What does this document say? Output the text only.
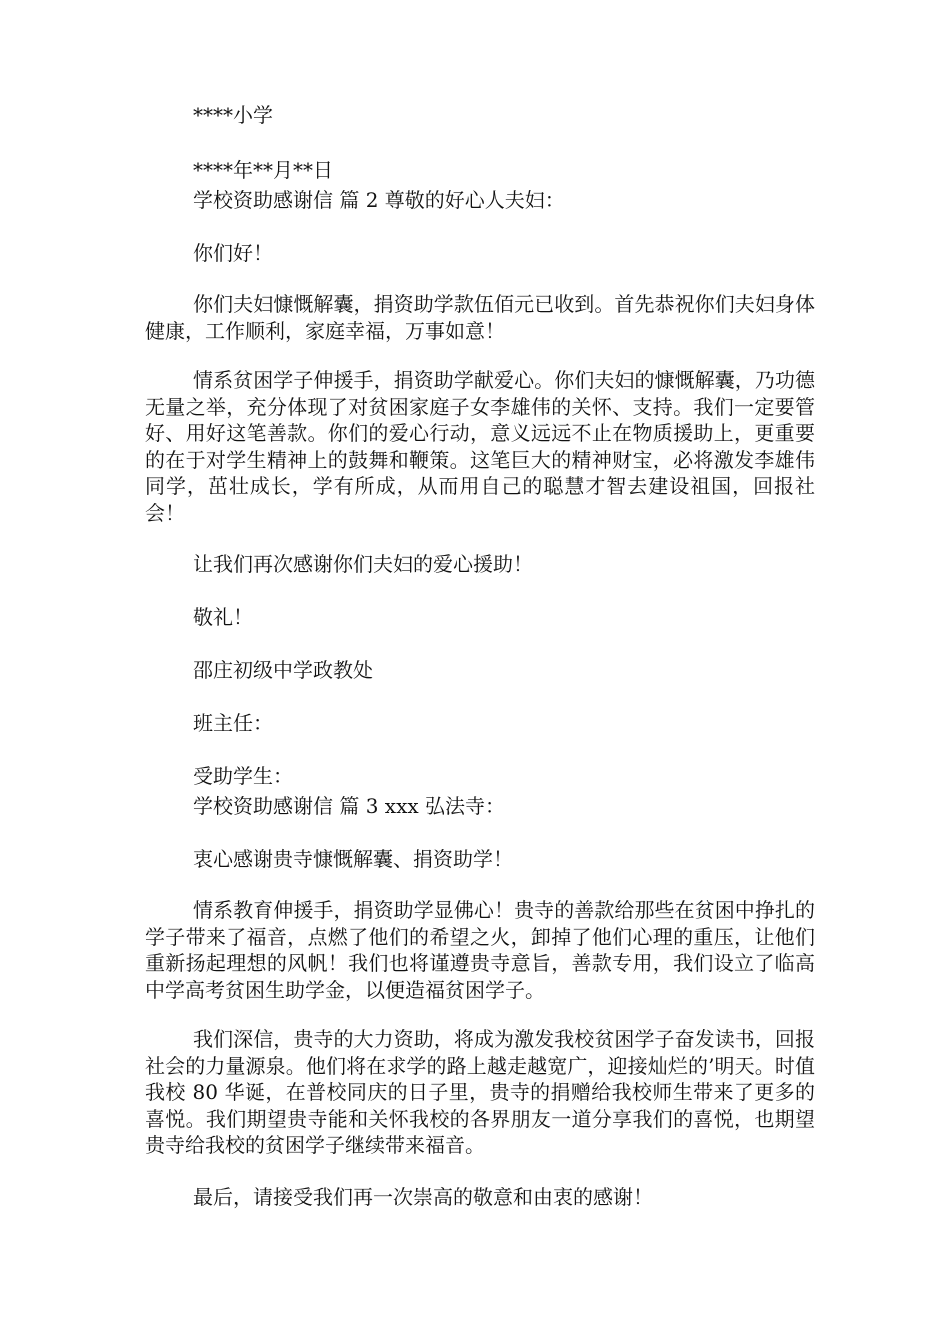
****小学
****年**月**日
学校资助感谢信 篇 2 尊敬的好心人夫妇：
你们好！
你们夫妇慷慨解囊，捐资助学款伍佰元已收到。首先恭祝你们夫妇身体健康，工作顺利，家庭幸福，万事如意！
情系贫困学子伸援手，捐资助学献爱心。你们夫妇的慷慨解囊，乃功德无量之举，充分体现了对贫困家庭子女李雄伟的关怀、支持。我们一定要管好、用好这笔善款。你们的爱心行动，意义远远不止在物质援助上，更重要的在于对学生精神上的鼓舞和鞭策。这笔巨大的精神财宝，必将激发李雄伟同学，茁壮成长，学有所成，从而用自己的聪慧才智去建设祖国，回报社会！
让我们再次感谢你们夫妇的爱心援助！
敬礼！
邵庄初级中学政教处
班主任：
受助学生：
学校资助感谢信 篇 3 xxx 弘法寺：
衷心感谢贵寺慷慨解囊、捐资助学！
情系教育伸援手，捐资助学显佛心！贵寺的善款给那些在贫困中挣扎的学子带来了福音，点燃了他们的希望之火，卸掉了他们心理的重压，让他们重新扬起理想的风帆！我们也将谨遵贵寺意旨，善款专用，我们设立了临高中学高考贫困生助学金，以便造福贫困学子。
我们深信，贵寺的大力资助，将成为激发我校贫困学子奋发读书，回报社会的力量源泉。他们将在求学的路上越走越宽广，迎接灿烂的’明天。时值我校 80 华诞，在普校同庆的日子里，贵寺的捐赠给我校师生带来了更多的喜悦。我们期望贵寺能和关怀我校的各界朋友一道分享我们的喜悦，也期望贵寺给我校的贫困学子继续带来福音。
最后，请接受我们再一次崇高的敬意和由衷的感谢！
